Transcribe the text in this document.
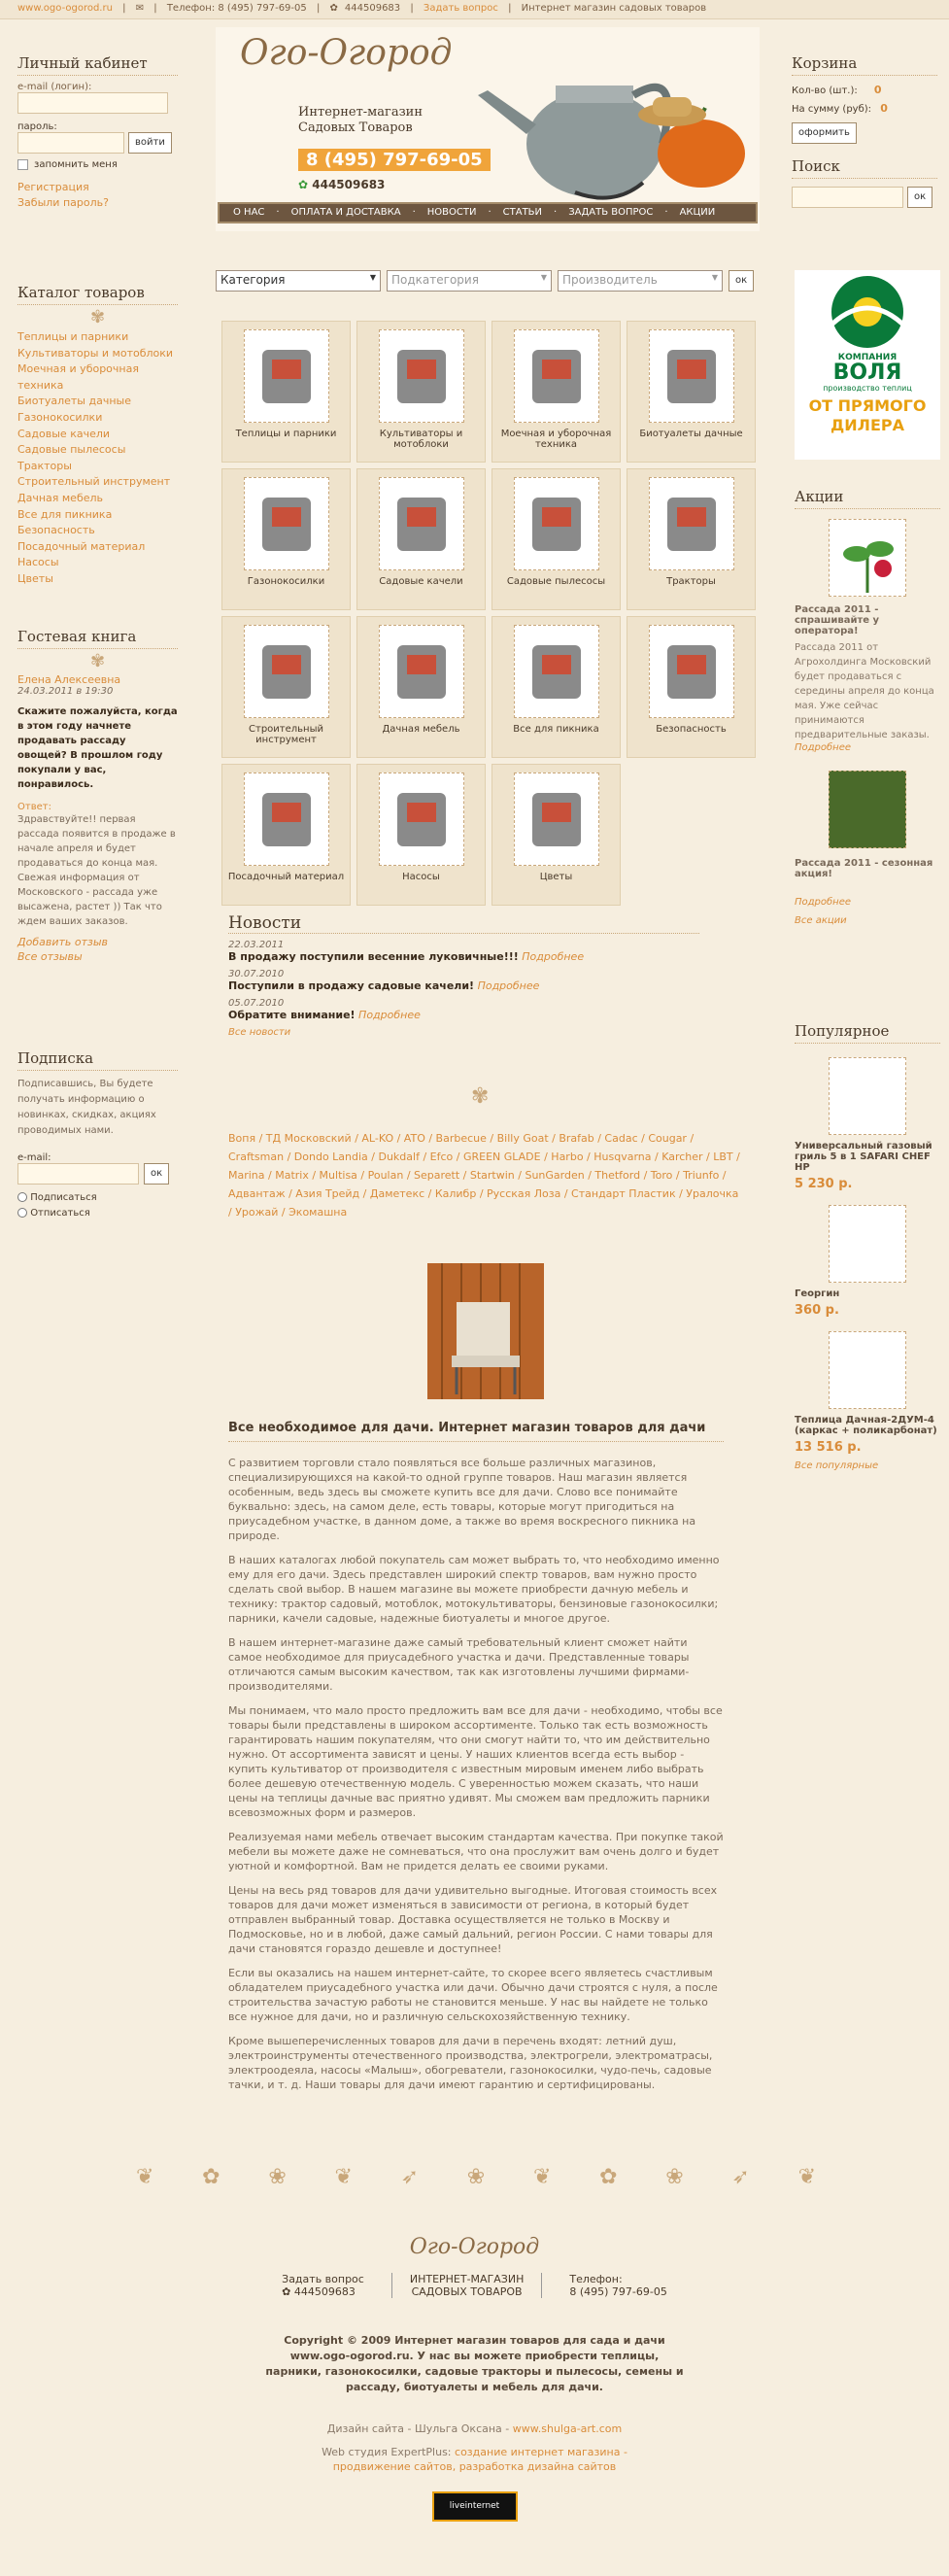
www.ogo-ogorod.ru | ✉ | Телефон: 8 (495) 797-69-05 | ✿ 444509683 | Задать вопрос | Интернет магазин садовых товаров
Личный кабинет
e-mail (логин):
пароль:
войти
запомнить меня
Регистрация
Забыли пароль?
Каталог товаров
✾
Теплицы и парники
Культиваторы и мотоблоки
Моечная и уборочная техника
Биотуалеты дачные
Газонокосилки
Садовые качели
Садовые пылесосы
Тракторы
Строительный инструмент
Дачная мебель
Все для пикника
Безопасность
Посадочный материал
Насосы
Цветы
Гостевая книга
✾
Елена Алексеевна
24.03.2011 в 19:30
Скажите пожалуйста, когда в этом году начнете продавать рассаду овощей? В прошлом году покупали у вас, понравилось.
Ответ:
Здравствуйте!! первая рассада появится в продаже в начале апреля и будет продаваться до конца мая. Свежая информация от Московского - рассада уже высажена, растет )) Так что ждем ваших заказов.
Добавить отзыв
Все отзывы
Подписка
Подписавшись, Вы будете получать информацию о новинках, скидках, акциях проводимых нами.
e-mail:
ок
Подписаться
Отписаться
Ого-Огород
Интернет-магазин
Садовых Товаров
8 (495) 797-69-05
✿ 444509683
О НАС · ОПЛАТА И ДОСТАВКА · НОВОСТИ · СТАТЬИ · ЗАДАТЬ ВОПРОС · АКЦИИ
Категория	▼	Подкатегория	▼	Производитель	▼	ок
Теплицы и парники	Культиваторы и мотоблоки
Моечная и уборочная техника
Биотуалеты дачные
Газонокосилки	Садовые качели	Садовые пылесосы	Тракторы
Строительный инструмент
Дачная мебель	Все для пикника	Безопасность
Посадочный материал	Насосы	Цветы
Новости
22.03.2011
В продажу поступили весенние луковичные!!! Подробнее
30.07.2010
Поступили в продажу садовые качели! Подробнее
05.07.2010
Обратите внимание! Подробнее
Все новости
✾
Вопя / ТД Московский / AL-KO / ATO / Barbecue / Billy Goat / Brafab / Cadac / Cougar / Craftsman / Dondo Landia / Dukdalf / Efco / GREEN GLADE / Harbo / Husqvarna / Karcher / LBT / Marina / Matrix / Multisa / Poulan / Separett / Startwin / SunGarden / Thetford / Toro / Triunfo / Адвантаж / Азия Трейд / Даметекс / Калибр / Русская Лоза / Стандарт Пластик / Уралочка / Урожай / Экомашна
Все необходимое для дачи. Интернет магазин товаров для дачи

С развитием торговли стало появляться все больше различных магазинов, специализирующихся на какой-то одной группе товаров. Наш магазин является особенным, ведь здесь вы сможете купить все для дачи. Слово все понимайте буквально: здесь, на самом деле, есть товары, которые могут пригодиться на приусадебном участке, в данном доме, а также во время воскресного пикника на природе.

В наших каталогах любой покупатель сам может выбрать то, что необходимо именно ему для его дачи. Здесь представлен широкий спектр товаров, вам нужно просто сделать свой выбор. В нашем магазине вы можете приобрести дачную мебель и технику: трактор садовый, мотоблок, мотокультиваторы, бензиновые газонокосилки; парники, качели садовые, надежные биотуалеты и многое другое.

В нашем интернет-магазине даже самый требовательный клиент сможет найти самое необходимое для приусадебного участка и дачи. Представленные товары отличаются самым высоким качеством, так как изготовлены лучшими фирмами-производителями.

Мы понимаем, что мало просто предложить вам все для дачи - необходимо, чтобы все товары были представлены в широком ассортименте. Только так есть возможность гарантировать нашим покупателям, что они смогут найти то, что им действительно нужно. От ассортимента зависят и цены. У наших клиентов всегда есть выбор - купить культиватор от производителя с известным мировым именем либо выбрать более дешевую отечественную модель. С уверенностью можем сказать, что наши цены на теплицы дачные вас приятно удивят. Мы сможем вам предложить парники всевозможных форм и размеров.

Реализуемая нами мебель отвечает высоким стандартам качества. При покупке такой мебели вы можете даже не сомневаться, что она прослужит вам очень долго и будет уютной и комфортной. Вам не придется делать ее своими руками.

Цены на весь ряд товаров для дачи удивительно выгодные. Итоговая стоимость всех товаров для дачи может изменяться в зависимости от региона, в который будет отправлен выбранный товар. Доставка осуществляется не только в Москву и Подмосковье, но и в любой, даже самый дальний, регион России. С нами товары для дачи становятся гораздо дешевле и доступнее!

Если вы оказались на нашем интернет-сайте, то скорее всего являетесь счастливым обладателем приусадебного участка или дачи. Обычно дачи строятся с нуля, а после строительства зачастую работы не становится меньше. У нас вы найдете не только все нужное для дачи, но и различную сельскохозяйственную технику.

Кроме вышеперечисленных товаров для дачи в перечень входят: летний душ, электроинструменты отечественного производства, электрогрели, электроматрасы, электроодеяла, насосы «Малыш», обогреватели, газонокосилки, чудо-печь, садовые тачки, и т. д. Наши товары для дачи имеют гарантию и сертифицированы.

Корзина
Кол-во (шт.): 0
На сумму (руб): 0
оформить
Поиск
ок
КОМПАНИЯ
ВОЛЯ
производство теплиц
ОТ ПРЯМОГО
ДИЛЕРА
Акции
Рассада 2011 - спрашивайте у оператора!
Рассада 2011 от Агрохолдинга Московский будет продаваться с середины апреля до конца мая. Уже сейчас принимаются предварительные заказы.
Подробнее
Рассада 2011 - сезонная акция!
Подробнее
Все акции
Популярное
Универсальный газовый гриль 5 в 1 SAFARI CHEF HP
5 230 р.
Георгин
360 р.
Теплица Дачная-2ДУМ-4 (каркас + поликарбонат)
13 516 р.
Все популярные
❦ ✿ ❀ ❦ ➶ ❀ ❦ ✿ ❀ ➶ ❦
Ого-Огород
Задать вопрос
✿ 444509683
ИНТЕРНЕТ-МАГАЗИН
САДОВЫХ ТОВАРОВ
Телефон:
8 (495) 797-69-05
Copyright © 2009 Интернет магазин товаров для сада и дачи
www.ogo-ogorod.ru. У нас вы можете приобрести теплицы,
парники, газонокосилки, садовые тракторы и пылесосы, семены и
рассаду, биотуалеты и мебель для дачи.
Дизайн сайта - Шульга Оксана - www.shulga-art.com
Web студия ExpertPlus: создание интернет магазина -
продвижение сайтов, разработка дизайна сайтов
liveinternet
